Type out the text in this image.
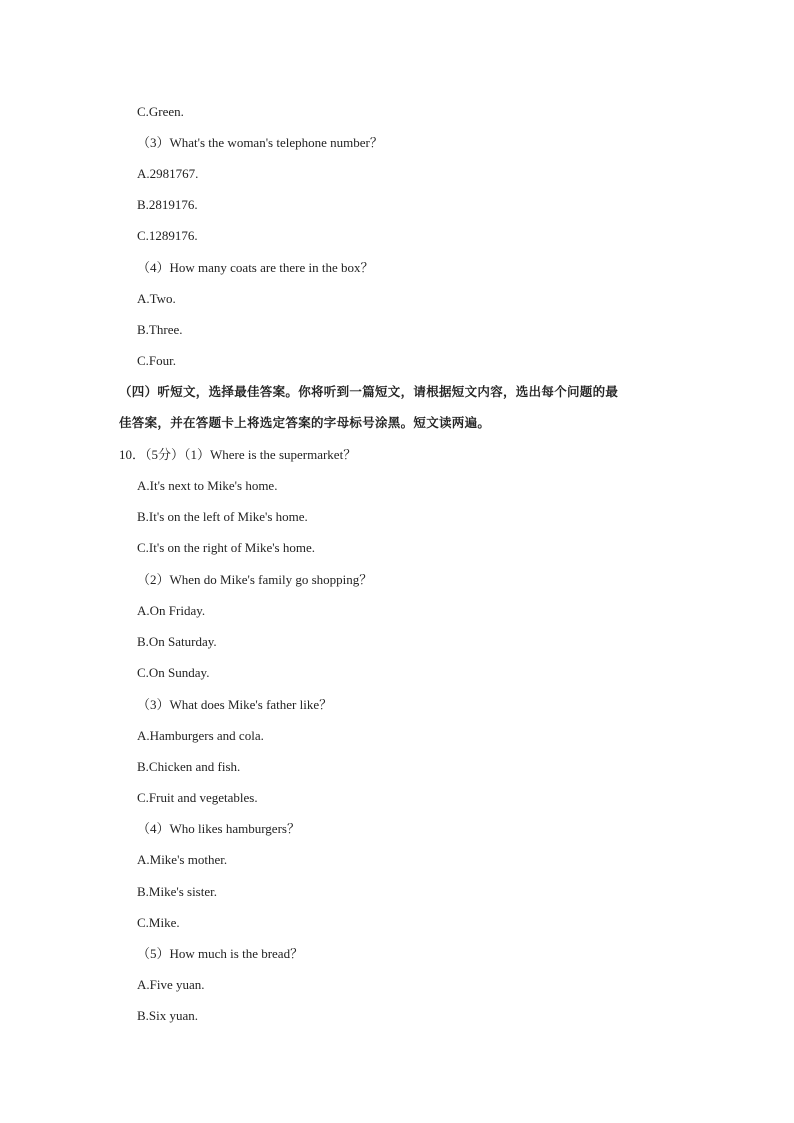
C.Green.
（3）What's the woman's telephone number？
A.2981767.
B.2819176.
C.1289176.
（4）How many coats are there in the box？
A.Two.
B.Three.
C.Four.
（四）听短文，选择最佳答案。你将听到一篇短文，请根据短文内容，选出每个问题的最
佳答案，并在答题卡上将选定答案的字母标号涂黑。短文读两遍。
10．（5分）（1）Where is the supermarket？
A.It's next to Mike's home.
B.It's on the left of Mike's home.
C.It's on the right of Mike's home.
（2）When do Mike's family go shopping？
A.On Friday.
B.On Saturday.
C.On Sunday.
（3）What does Mike's father like？
A.Hamburgers and cola.
B.Chicken and fish.
C.Fruit and vegetables.
（4）Who likes hamburgers？
A.Mike's mother.
B.Mike's sister.
C.Mike.
（5）How much is the bread？
A.Five yuan.
B.Six yuan.
